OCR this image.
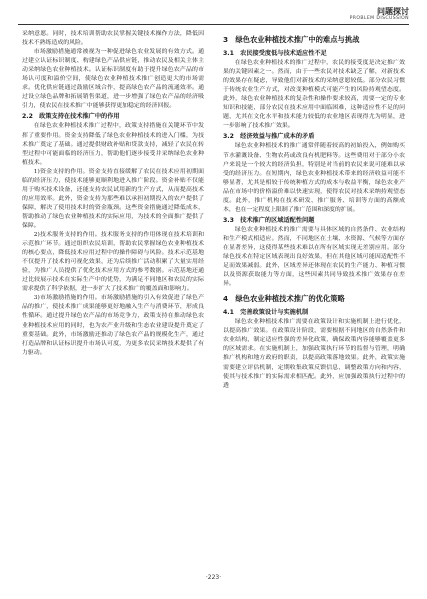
问题探讨
PROBLEM DISCUSSION

采纳意愿。同时，技术培训帮助农民掌握关键技术操作方法，降低因技术不熟练造成的风险。

市场激励措施通常被视为一种促进绿色农业发展的有效方式。通过建立认证标识制度、构建绿色产品供应链，推动农民及相关主体主动采纳绿色农业种植技术。认证标识制度有助于提升绿色农产品的市场认可度和溢价空间，使绿色农业种植技术推广创造更大的市场需求。优化供应链通过鼓励区域合作，提高绿色农产品的流通效率。通过设立绿色品牌和拓展销售渠道，进一步增强了绿色农产品的经济吸引力，使农民在技术推广中能够获得更加稳定的经济回报。

2.2　政策支持在技术推广中的作用

在绿色农业种植技术推广过程中，政策支持措施在关键环节中发挥了重要作用。资金支持降低了绿色农业种植技术的进入门槛，为技术推广奠定了基础。通过提供财政补贴和贷款支持，减轻了农民在转型过程中可能面临的经济压力，帮助他们逐步接受并采纳绿色农业种植技术。

1)资金支持的作用。资金支持直接缓解了农民在技术应用初期面临的经济压力，使技术能够更顺利地进入推广阶段。资金补贴不仅能用于购买技术设备，还能支持农民试用新的生产方式，从而提高技术的应用效率。此外，资金支持为那些难以承担初期投入的农户提供了保障，解决了使用技术时的资金瓶颈。这些资金措施通过降低成本，帮助推动了绿色农业种植技术的实际应用，为技术的全面推广提供了保障。

2)技术服务支持的作用。技术服务支持的作用体现在技术培训和示范推广环节。通过组织农民培训，帮助农民掌握绿色农业种植技术的核心要点，降低技术应用过程中的操作障碍与风险。技术示范基地不仅提升了技术的可视化效果，还为后续推广活动积累了大量实用经验，为推广人员提供了优化技术应用方式的参考数据。示范基地还通过比较展示技术在实际生产中的优势，为满足不同地区和农民的实际需求提供了科学依据，进一步扩大了技术推广的覆盖面和影响力。

3)市场激励措施的作用。市场激励措施的引入有效促进了绿色产品的推广，使技术推广成果能够更好地融入生产与消费环节，形成良性循环。通过提升绿色农产品的市场竞争力，政策支持在推动绿色农业种植技术应用的同时，也为农产业升级和生态农业建设提升奠定了重要基础。此外，市场激励还推动了绿色农产品的规模化生产，通过打造品牌和认证标识提升市场认可度，为更多农民采纳技术提供了有力驱动。

3　绿色农业种植技术推广中的难点与挑战
3.1　农民接受度低与技术适应性不足

在绿色农业种植技术的推广过程中，农民的接受度是决定推广效果的关键因素之一。然而，由于一些农民对技术缺乏了解，对新技术的效果存在疑虑，导致他们对新技术的采纳意愿较低。部分农民习惯于传统农业生产方式，对改变种植模式可能产生的风险持观望态度。此外，绿色农业种植技术的复杂性和操作要求较高，需要一定的专业知识和技能，部分农民在技术应用中面临困难，这种适应性不足的问题，尤其在文化水平和技术能力较低的农业地区表现得尤为明显，进一步影响了技术推广效果。

3.2　经济效益与推广成本的矛盾

绿色农业种植技术的推广通常伴随着较高的初始投入，例如购买节水灌溉设备、生物农药或改良有机肥料等。这些费用对于部分小农户来说是一个较大的经济负担，特别是对当前的农民来说可能难以承受的经济压力。在短期内，绿色农业种植技术带来的经济收益可能不够显著，尤其是相较于传统种植方式的成本与收益平衡，绿色农业产品在市场中的价格溢价难以快速实现，使得农民对技术采纳持观望态度。此外，推广机构在技术研发、推广服务、培训等方面的高额成本，也在一定程度上限制了推广范围和深度的扩展。

3.3　技术推广的区域适配性问题

绿色农业种植技术的推广需要与具体区域的自然条件、农业结构和生产模式相适应。然而，不同地区在土壤、水资源、气候等方面存在显著差异，这使得某些技术难以在所有区域实现无差别应用。部分绿色技术在特定区域表现出良好效果，但在其他区域可能因适配性不足而效果减弱。此外，区域差异还体现在农民的生产能力、种植习惯以及资源获取能力等方面，这些因素共同导致技术推广效果存在差异。

4　绿色农业种植技术推广的优化策略
4.1　完善政策设计与实施机制

绿色农业种植技术推广需要在政策设计和实施机制上进行优化，以提高推广效果。在政策设计阶段，需要根据不同地区的自然条件和农业结构，制定适应性强的差异化政策，确保政策内容能够覆盖更多的区域需求。在实施机制上，加强政策执行环节的监督与管理，明确推广机构和地方政府的职责，以提高政策落地效果。此外，政策实施需要建立评估机制，定期收集政策反馈信息，调整政策方向和内容，使其与技术推广的实际需求相匹配。此外，应加强政策执行过程中的透

·223·
